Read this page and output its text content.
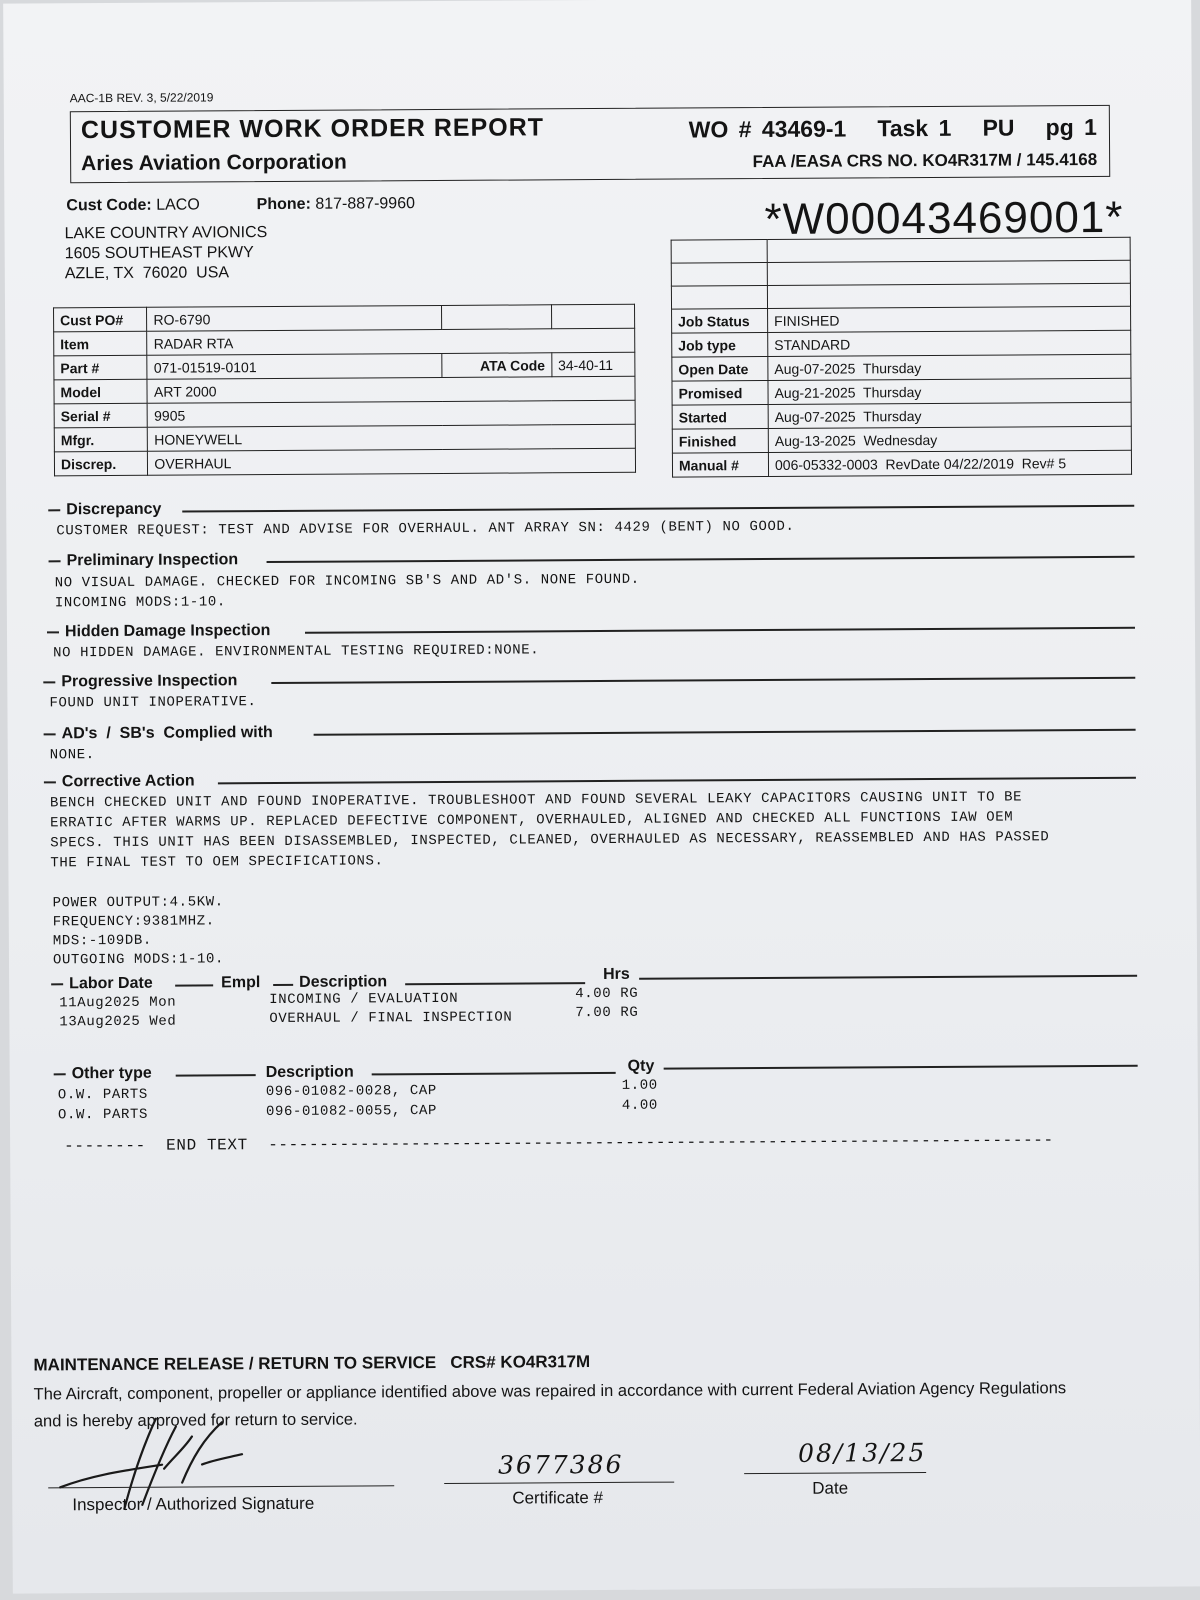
AAC-1B REV. 3, 5/22/2019
CUSTOMER WORK ORDER REPORT
Aries Aviation Corporation
WO # 43469-1   Task 1   PU   pg 1
FAA /EASA CRS NO. KO4R317M / 145.4168
Cust Code: LACO	Phone: 817-887-9960
LAKE COUNTRY AVIONICS
1605 SOUTHEAST PKWY
AZLE, TX  76020  USA
*W00043469001*
Cust PO#	RO-6790		
Item	RADAR RTA		
Part #	071-01519-0101	ATA Code	34-40-11
Model	ART 2000		
Serial #	9905		
Mfgr.	HONEYWELL		
Discrep.	OVERHAUL		

Job Status	FINISHED
Job type	STANDARD
Open Date	Aug-07-2025  Thursday
Promised	Aug-21-2025  Thursday
Started	Aug-07-2025  Thursday
Finished	Aug-13-2025  Wednesday
Manual #	006-05332-0003  RevDate 04/22/2019  Rev# 5
Discrepancy
CUSTOMER REQUEST: TEST AND ADVISE FOR OVERHAUL. ANT ARRAY SN: 4429 (BENT) NO GOOD.
Preliminary Inspection
NO VISUAL DAMAGE. CHECKED FOR INCOMING SB'S AND AD'S. NONE FOUND.
INCOMING MODS:1-10.
Hidden Damage Inspection
NO HIDDEN DAMAGE. ENVIRONMENTAL TESTING REQUIRED:NONE.
Progressive Inspection
FOUND UNIT INOPERATIVE.
AD's  /  SB's  Complied with
NONE.
Corrective Action
BENCH CHECKED UNIT AND FOUND INOPERATIVE. TROUBLESHOOT AND FOUND SEVERAL LEAKY CAPACITORS CAUSING UNIT TO BE
ERRATIC AFTER WARMS UP. REPLACED DEFECTIVE COMPONENT, OVERHAULED, ALIGNED AND CHECKED ALL FUNCTIONS IAW OEM
SPECS. THIS UNIT HAS BEEN DISASSEMBLED, INSPECTED, CLEANED, OVERHAULED AS NECESSARY, REASSEMBLED AND HAS PASSED
THE FINAL TEST TO OEM SPECIFICATIONS.
POWER OUTPUT:4.5KW.
FREQUENCY:9381MHZ.
MDS:-109DB.
OUTGOING MODS:1-10.
Labor Date	Empl Description	Hrs
11Aug2025 Mon	INCOMING / EVALUATION	4.00 RG
13Aug2025 Wed	OVERHAUL / FINAL INSPECTION	7.00 RG
Other type	Description	Qty
O.W. PARTS	096-01082-0028, CAP	1.00
O.W. PARTS	096-01082-0055, CAP	4.00
--------  END TEXT  -----------------------------------------------------------------------------
MAINTENANCE RELEASE / RETURN TO SERVICE   CRS# KO4R317M
The Aircraft, component, propeller or appliance identified above was repaired in accordance with current Federal Aviation Agency Regulations and is hereby approved for return to service.
Inspector / Authorized Signature
3677386
Certificate #
08/13/25
Date
